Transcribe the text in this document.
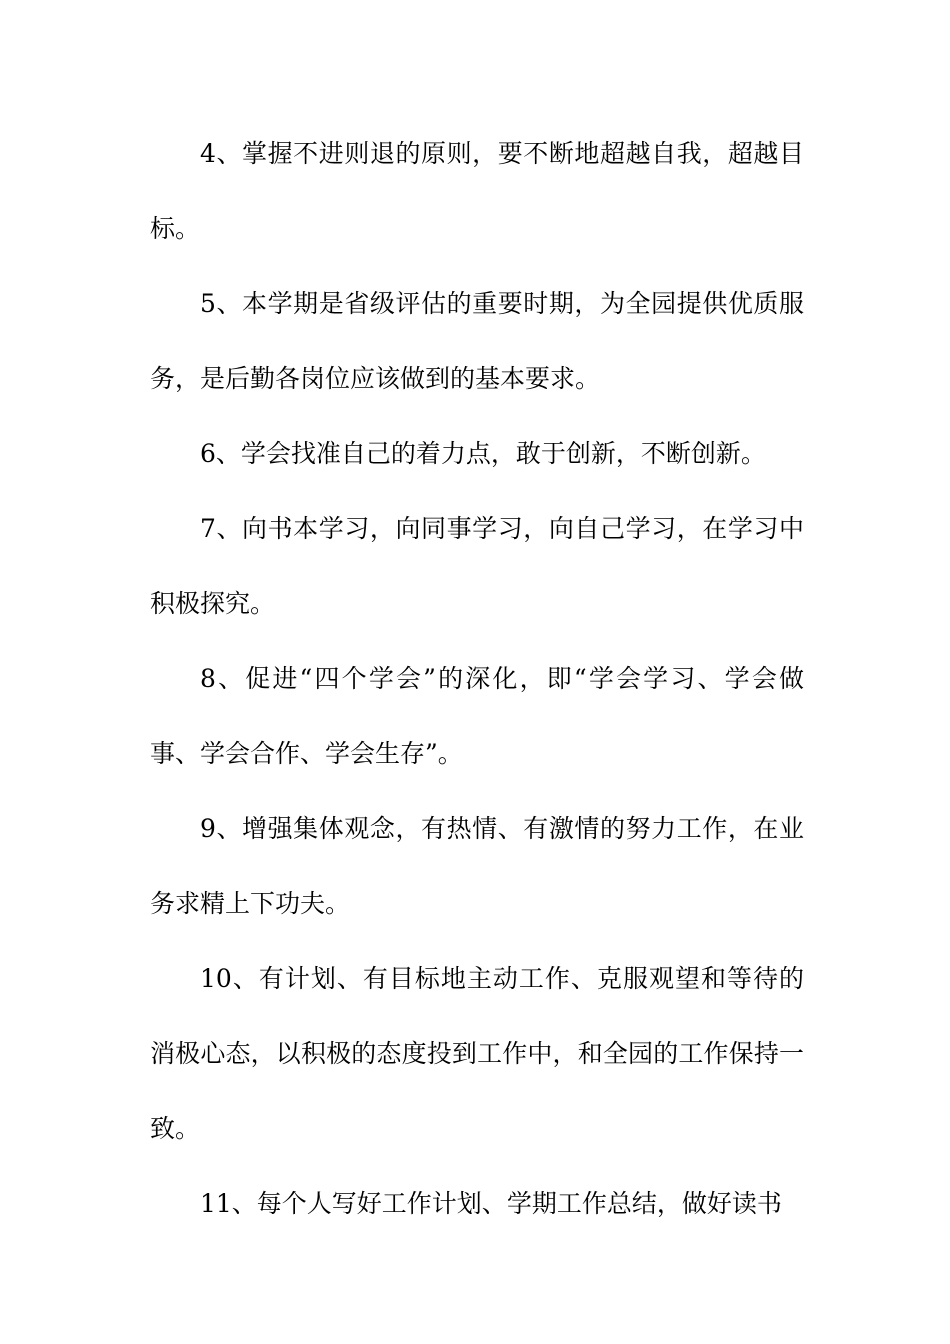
4、掌握不进则退的原则，要不断地超越自我，超越目标。

5、本学期是省级评估的重要时期，为全园提供优质服务，是后勤各岗位应该做到的基本要求。

6、学会找准自己的着力点，敢于创新，不断创新。

7、向书本学习，向同事学习，向自己学习，在学习中积极探究。

8、促进“四个学会”的深化，即“学会学习、学会做事、学会合作、学会生存”。

9、增强集体观念，有热情、有激情的努力工作，在业务求精上下功夫。

10、有计划、有目标地主动工作、克服观望和等待的消极心态，以积极的态度投到工作中，和全园的工作保持一致。

11、每个人写好工作计划、学期工作总结，做好读书
